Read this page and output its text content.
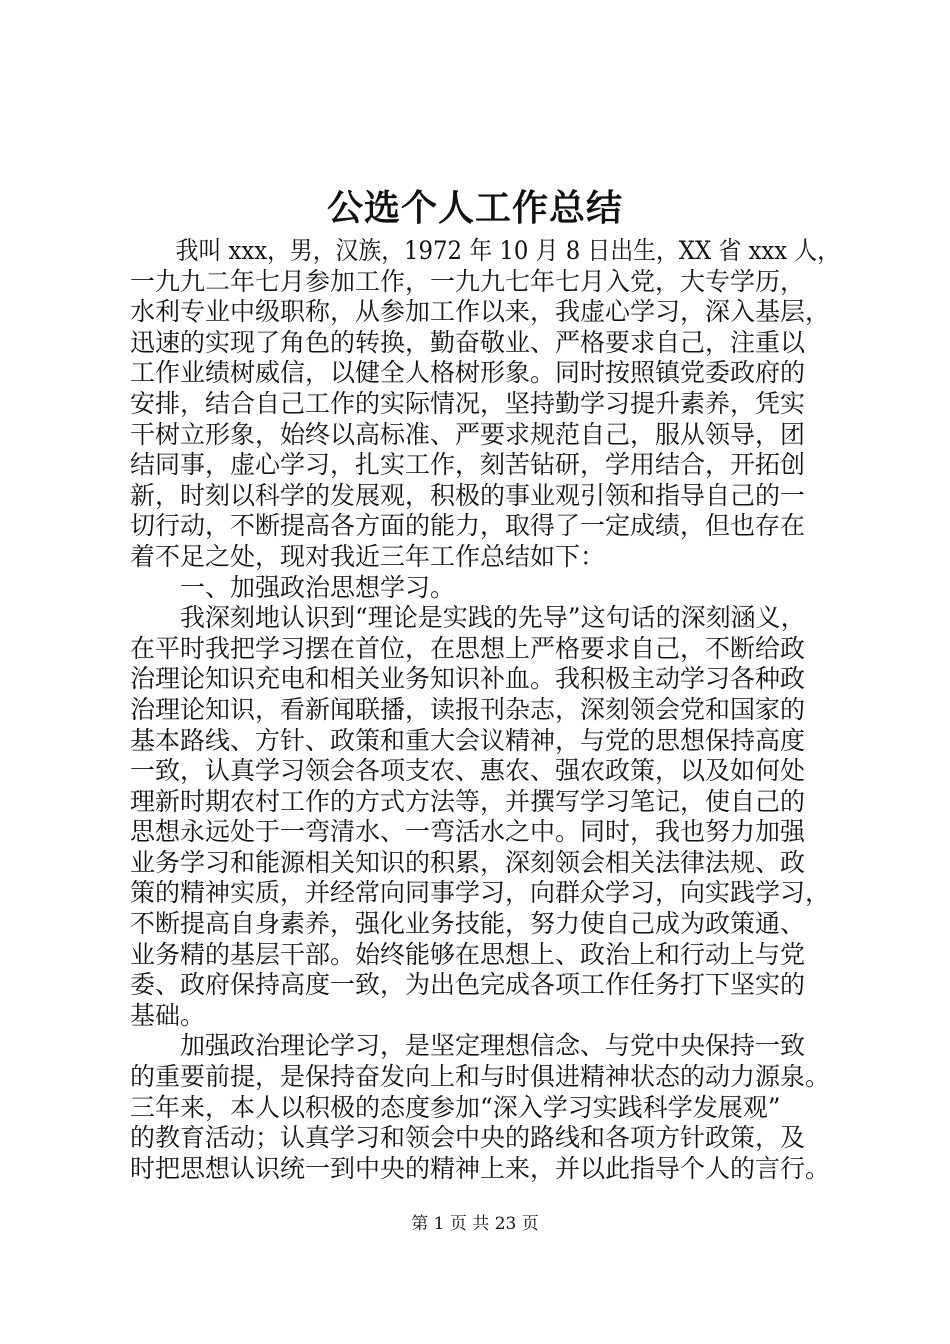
公选个人工作总结
　　我叫 xxx，男，汉族，1972 年 10 月 8 日出生，XX 省 xxx 人，
一九九二年七月参加工作，一九九七年七月入党，大专学历，
水利专业中级职称，从参加工作以来，我虚心学习，深入基层，
迅速的实现了角色的转换，勤奋敬业、严格要求自己，注重以
工作业绩树威信，以健全人格树形象。同时按照镇党委政府的
安排，结合自己工作的实际情况，坚持勤学习提升素养，凭实
干树立形象，始终以高标准、严要求规范自己，服从领导，团
结同事，虚心学习，扎实工作，刻苦钻研，学用结合，开拓创
新，时刻以科学的发展观，积极的事业观引领和指导自己的一
切行动，不断提高各方面的能力，取得了一定成绩，但也存在
着不足之处，现对我近三年工作总结如下：
　　一、加强政治思想学习。
　　我深刻地认识到“理论是实践的先导”这句话的深刻涵义，
在平时我把学习摆在首位，在思想上严格要求自己，不断给政
治理论知识充电和相关业务知识补血。我积极主动学习各种政
治理论知识，看新闻联播，读报刊杂志，深刻领会党和国家的
基本路线、方针、政策和重大会议精神，与党的思想保持高度
一致，认真学习领会各项支农、惠农、强农政策，以及如何处
理新时期农村工作的方式方法等，并撰写学习笔记，使自己的
思想永远处于一弯清水、一弯活水之中。同时，我也努力加强
业务学习和能源相关知识的积累，深刻领会相关法律法规、政
策的精神实质，并经常向同事学习，向群众学习，向实践学习，
不断提高自身素养，强化业务技能，努力使自己成为政策通、
业务精的基层干部。始终能够在思想上、政治上和行动上与党
委、政府保持高度一致，为出色完成各项工作任务打下坚实的
基础。
　　加强政治理论学习，是坚定理想信念、与党中央保持一致
的重要前提，是保持奋发向上和与时俱进精神状态的动力源泉。
三年来，本人以积极的态度参加“深入学习实践科学发展观”
的教育活动；认真学习和领会中央的路线和各项方针政策，及
时把思想认识统一到中央的精神上来，并以此指导个人的言行。
第 1 页 共 23 页
